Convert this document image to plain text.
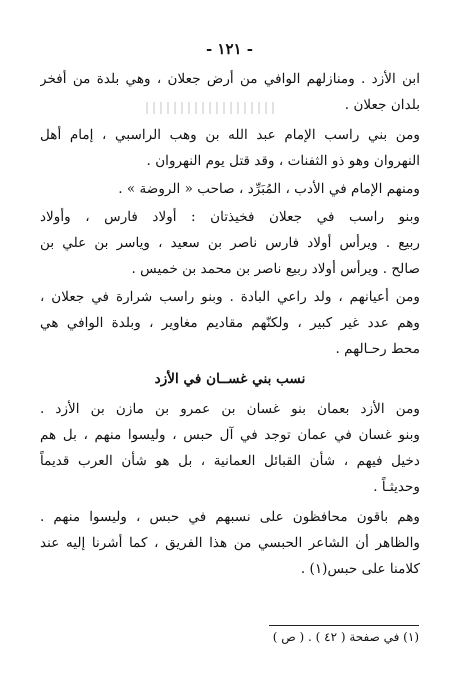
- ١٢١ -
ابن الأزد . ومنازلهم الوافي من أرض جعلان ، وهي بلدة من أفخر
بلدان جعلان .
ومن بني راسب الإمام عبد الله بن وهب الراسبي ، إمام أهل
النهروان وهو ذو الثفنات ، وقد قتل يوم النهروان .
ومنهم الإمام في الأدب ، المُبَرِّد ، صاحب « الروضة » .
وبنو راسب في جعلان فخيذتان : أولاد فارس ، وأولاد
ربيع . ويرأس أولاد فارس ناصر بن سعيد ، وياسر بن علي بن
صالح . ويرأس أولاد ربيع ناصر بن محمد بن خميس .
ومن أعيانهم ، ولد راعي البادة . وبنو راسب شرارة في جعلان ،
وهم عدد غير كبير ، ولكنّهم مقاديم مغاوير ، وبلدة الوافي هي
محط رحـالهم .
نسب بني غســان في الأزد
ومن الأزد بعمان بنو غسان بن عمرو بن مازن بن الأزد .
وبنو غسان في عمان توجد في آل حبس ، وليسوا منهم ، بل هم
دخيل فيهم ، شأن القبائل العمانية ، بل هو شأن العرب قديماً
وحديثـاً .
وهم باقون محافظون على نسبهم في حبس ، وليسوا منهم .
والظاهر أن الشاعر الحبسي من هذا الفريق ، كما أشرنا إليه عند
كلامنا على حبس(١) .
(١) في صفحة ( ٤٢ ) . ( ص )
